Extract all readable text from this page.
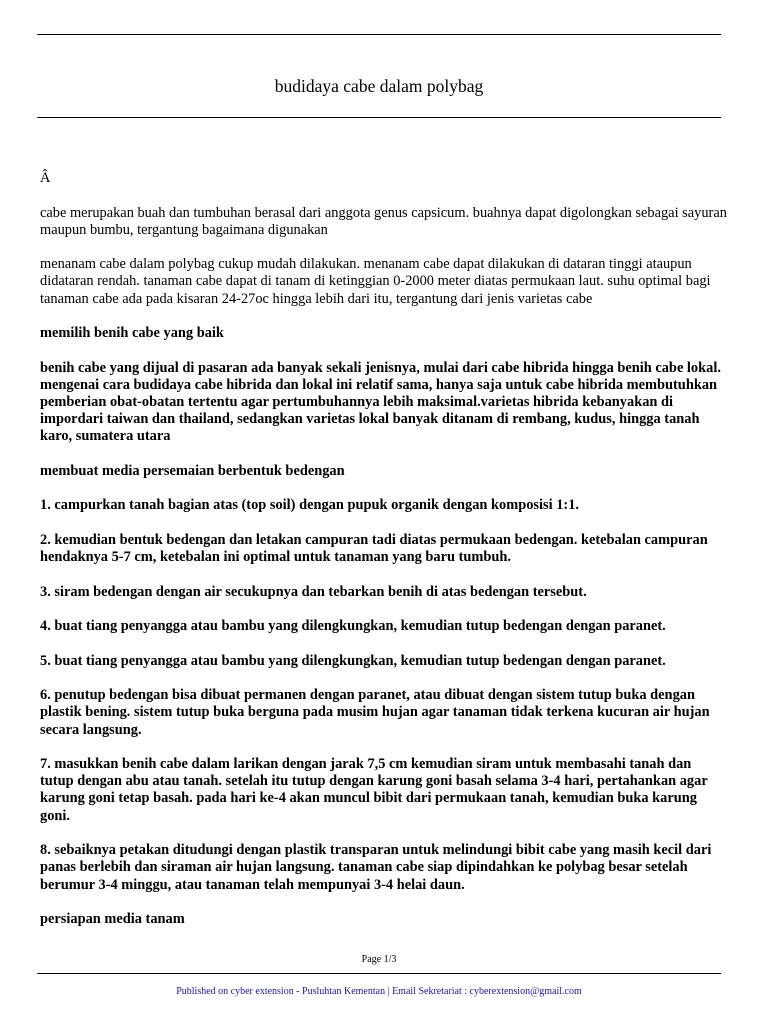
budidaya cabe dalam polybag

Â

cabe merupakan buah dan tumbuhan berasal dari anggota genus capsicum. buahnya dapat digolongkan sebagai sayuran maupun bumbu, tergantung bagaimana digunakan

menanam cabe dalam polybag cukup mudah dilakukan. menanam cabe dapat dilakukan di dataran tinggi ataupun didataran rendah. tanaman cabe dapat di tanam di ketinggian 0-2000 meter diatas permukaan laut. suhu optimal bagi tanaman cabe ada pada kisaran 24-27oc hingga lebih dari itu, tergantung dari jenis varietas cabe

memilih benih cabe yang baik

benih cabe yang dijual di pasaran ada banyak sekali jenisnya, mulai dari cabe hibrida hingga benih cabe lokal. mengenai cara budidaya cabe hibrida dan lokal ini relatif sama, hanya saja untuk cabe hibrida membutuhkan pemberian obat-obatan tertentu agar pertumbuhannya lebih maksimal.varietas hibrida kebanyakan di impordari taiwan dan thailand, sedangkan varietas lokal banyak ditanam di rembang, kudus, hingga tanah karo, sumatera utara

membuat media persemaian berbentuk bedengan

1. campurkan tanah bagian atas (top soil) dengan pupuk organik dengan komposisi 1:1.

2. kemudian bentuk bedengan dan letakan campuran tadi diatas permukaan bedengan. ketebalan campuran hendaknya 5-7 cm, ketebalan ini optimal untuk tanaman yang baru tumbuh.

3. siram bedengan dengan air secukupnya dan tebarkan benih di atas bedengan tersebut.

4. buat tiang penyangga atau bambu yang dilengkungkan, kemudian tutup bedengan dengan paranet.

5. buat tiang penyangga atau bambu yang dilengkungkan, kemudian tutup bedengan dengan paranet.

6. penutup bedengan bisa dibuat permanen dengan paranet, atau dibuat dengan sistem tutup buka dengan plastik bening. sistem tutup buka berguna pada musim hujan agar tanaman tidak terkena kucuran air hujan secara langsung.

7. masukkan benih cabe dalam larikan dengan jarak 7,5 cm kemudian siram untuk membasahi tanah dan tutup dengan abu atau tanah. setelah itu tutup dengan karung goni basah selama 3-4 hari, pertahankan agar karung goni tetap basah. pada hari ke-4 akan muncul bibit dari permukaan tanah, kemudian buka karung goni.

8. sebaiknya petakan ditudungi dengan plastik transparan untuk melindungi bibit cabe yang masih kecil dari panas berlebih dan siraman air hujan langsung. tanaman cabe siap dipindahkan ke polybag besar setelah berumur 3-4 minggu, atau tanaman telah mempunyai 3-4 helai daun.

persiapan media tanam

Page 1/3
Published on cyber extension - Pusluhtan Kementan | Email Sekretariat : cyberextension@gmail.com
